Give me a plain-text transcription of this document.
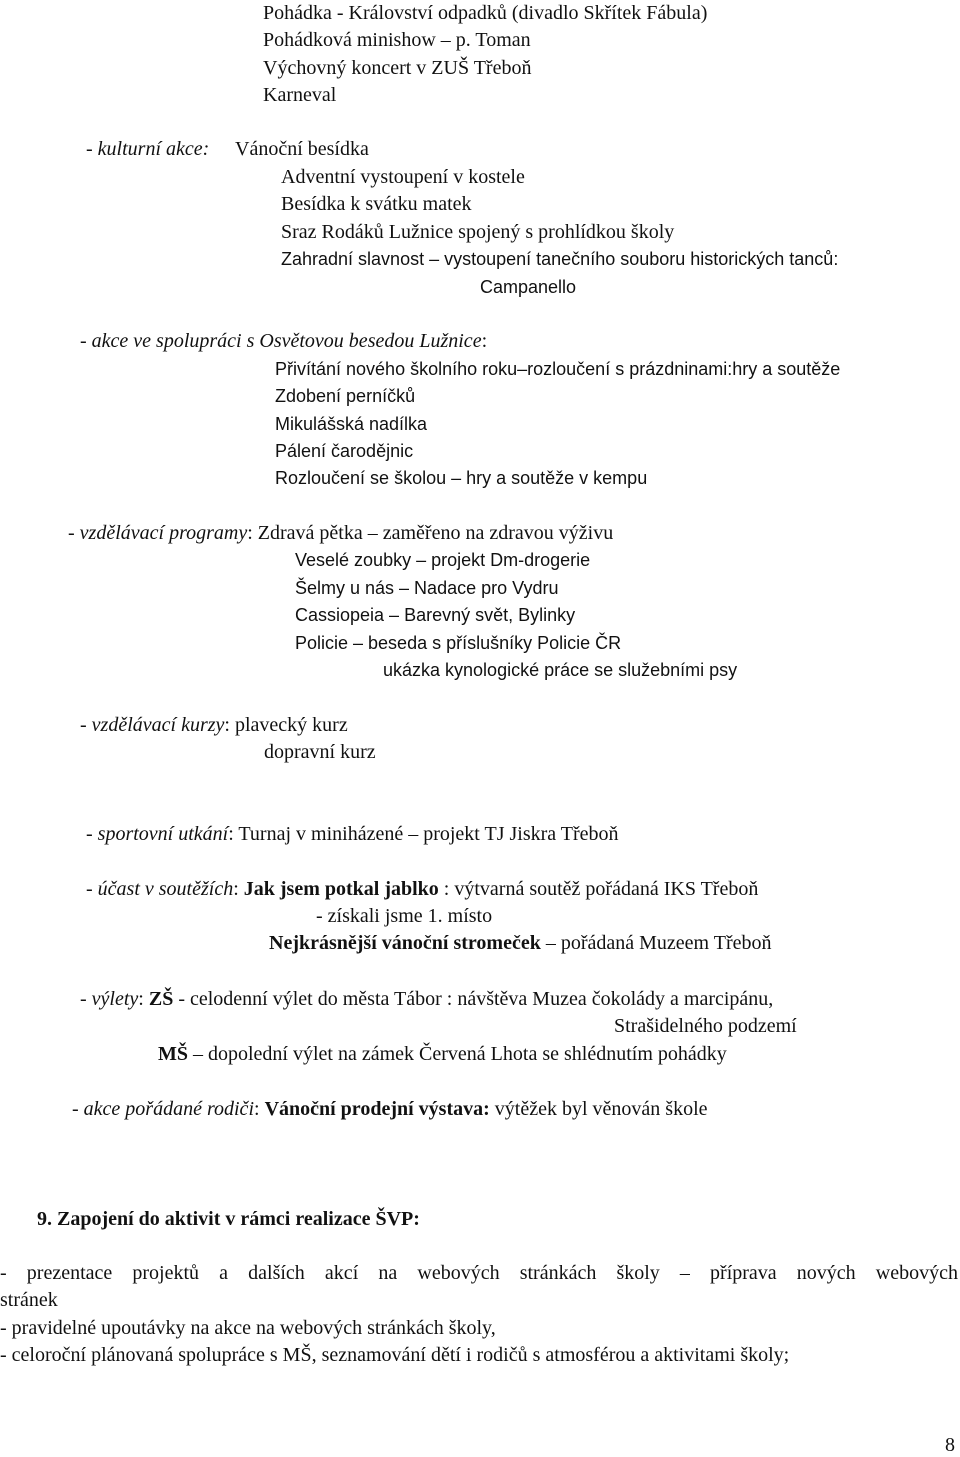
Pohádka - Království odpadků (divadlo Skřítek Fábula)
Pohádková minishow – p. Toman
Výchovný koncert v ZUŠ Třeboň
Karneval
- kulturní akce: Vánoční besídka
Adventní vystoupení v kostele
Besídka k svátku matek
Sraz Rodáků Lužnice spojený s prohlídkou školy
Zahradní slavnost – vystoupení tanečního souboru historických tanců:
Campanello
- akce ve spolupráci s Osvětovou besedou Lužnice:
Přivítání nového školního roku–rozloučení s prázdninami:hry a soutěže
Zdobení perníčků
Mikulášská nadílka
Pálení čarodějnic
Rozloučení se školou – hry a soutěže v kempu
- vzdělávací programy: Zdravá pětka – zaměřeno na zdravou výživu
Veselé zoubky – projekt Dm-drogerie
Šelmy u nás – Nadace pro Vydru
Cassiopeia – Barevný svět, Bylinky
Policie – beseda s příslušníky Policie ČR
ukázka kynologické práce se služebními psy
- vzdělávací kurzy: plavecký kurz
dopravní kurz
- sportovní utkání: Turnaj v miniházené – projekt TJ Jiskra Třeboň
- účast v soutěžích: Jak jsem potkal jablko : výtvarná soutěž pořádaná IKS Třeboň
- získali jsme 1. místo
Nejkrásnější vánoční stromeček – pořádaná Muzeem Třeboň
- výlety: ZŠ - celodenní výlet do města Tábor : návštěva Muzea čokolády a marcipánu,
Strašidelného podzemí
MŠ – dopolední výlet na zámek Červená Lhota se shlédnutím pohádky
- akce pořádané rodiči: Vánoční prodejní výstava: výtěžek byl věnován škole
9. Zapojení do aktivit v rámci realizace ŠVP:
- prezentace projektů a dalších akcí na webových stránkách školy – příprava nových webových
stránek
- pravidelné upoutávky na akce na webových stránkách školy,
- celoroční plánovaná spolupráce s MŠ, seznamování dětí i rodičů s atmosférou a aktivitami školy;
8
